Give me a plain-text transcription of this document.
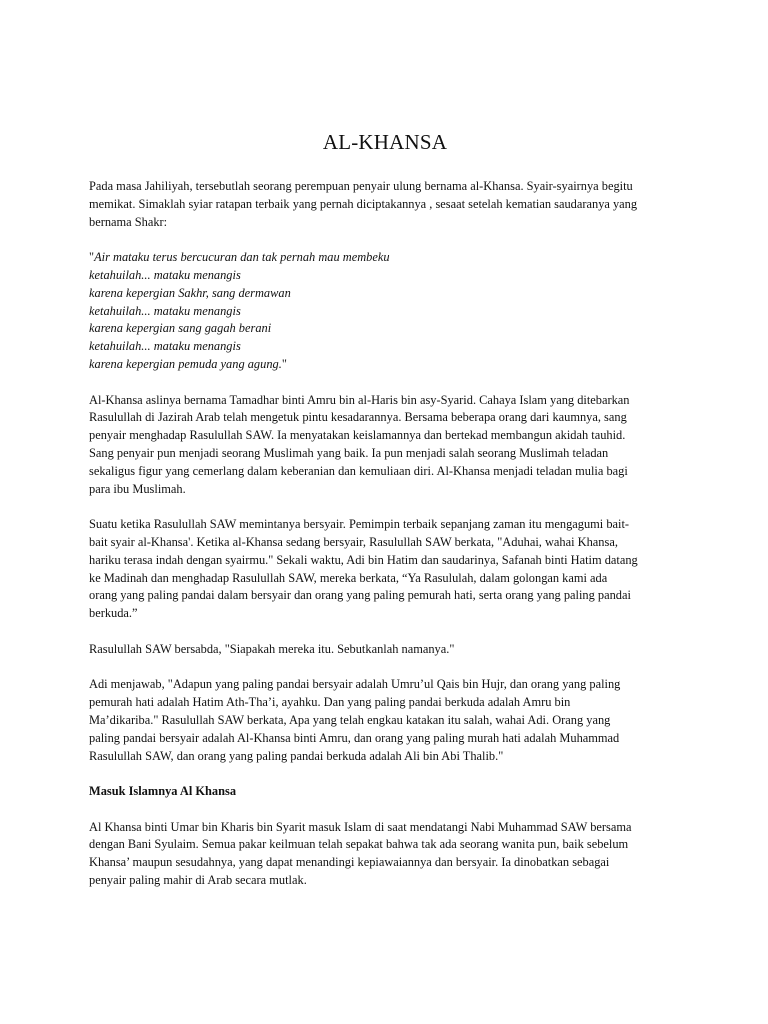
AL-KHANSA

Pada masa Jahiliyah, tersebutlah seorang perempuan penyair ulung bernama al-Khansa. Syair-syairnya begitu
memikat. Simaklah syiar ratapan terbaik yang pernah diciptakannya , sesaat setelah kematian saudaranya yang
bernama Shakr:

"Air mataku terus bercucuran dan tak pernah mau membeku
ketahuilah... mataku menangis
karena kepergian Sakhr, sang dermawan
ketahuilah... mataku menangis
karena kepergian sang gagah berani
ketahuilah... mataku menangis
karena kepergian pemuda yang agung."

Al-Khansa aslinya bernama Tamadhar binti Amru bin al-Haris bin asy-Syarid. Cahaya Islam yang ditebarkan
Rasulullah di Jazirah Arab telah mengetuk pintu kesadarannya. Bersama beberapa orang dari kaumnya, sang
penyair menghadap Rasulullah SAW. Ia menyatakan keislamannya dan bertekad membangun akidah tauhid.
Sang penyair pun menjadi seorang Muslimah yang baik. Ia pun menjadi salah seorang Muslimah teladan
sekaligus figur yang cemerlang dalam keberanian dan kemuliaan diri. Al-Khansa menjadi teladan mulia bagi
para ibu Muslimah.

Suatu ketika Rasulullah SAW memintanya bersyair. Pemimpin terbaik sepanjang zaman itu mengagumi bait-
bait syair al-Khansa'. Ketika al-Khansa sedang bersyair, Rasulullah SAW berkata, "Aduhai, wahai Khansa,
hariku terasa indah dengan syairmu." Sekali waktu, Adi bin Hatim dan saudarinya, Safanah binti Hatim datang
ke Madinah dan menghadap Rasulullah SAW, mereka berkata, “Ya Rasululah, dalam golongan kami ada
orang yang paling pandai dalam bersyair dan orang yang paling pemurah hati, serta orang yang paling pandai
berkuda.”

Rasulullah SAW bersabda, "Siapakah mereka itu. Sebutkanlah namanya."

Adi menjawab, "Adapun yang paling pandai bersyair adalah Umru’ul Qais bin Hujr, dan orang yang paling
pemurah hati adalah Hatim Ath-Tha’i, ayahku. Dan yang paling pandai berkuda adalah Amru bin
Ma’dikariba." Rasulullah SAW berkata, Apa yang telah engkau katakan itu salah, wahai Adi. Orang yang
paling pandai bersyair adalah Al-Khansa binti Amru, dan orang yang paling murah hati adalah Muhammad
Rasulullah SAW, dan orang yang paling pandai berkuda adalah Ali bin Abi Thalib."

Masuk Islamnya Al Khansa

Al Khansa binti Umar bin Kharis bin Syarit masuk Islam di saat mendatangi Nabi Muhammad SAW bersama
dengan Bani Syulaim. Semua pakar keilmuan telah sepakat bahwa tak ada seorang wanita pun, baik sebelum
Khansa’ maupun sesudahnya, yang dapat menandingi kepiawaiannya dan bersyair. Ia dinobatkan sebagai
penyair paling mahir di Arab secara mutlak.
